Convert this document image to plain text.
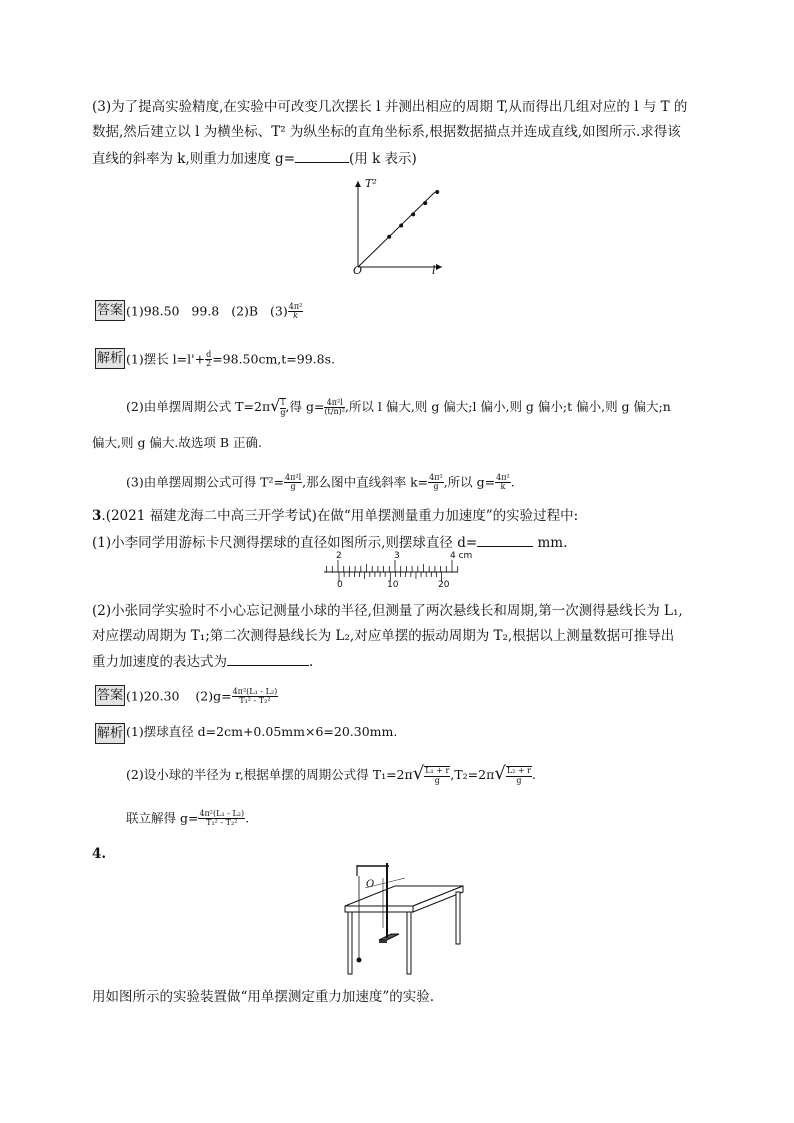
(3)为了提高实验精度,在实验中可改变几次摆长 l 并测出相应的周期 T,从而得出几组对应的 l 与 T 的
数据,然后建立以 l 为横坐标、T² 为纵坐标的直角坐标系,根据数据描点并连成直线,如图所示.求得该
直线的斜率为 k,则重力加速度 g=	(用 k 表示)
T²
l
O
答案 (1)98.50 99.8 (2)B $(3) \frac{\text{4π²}}{k}$
解析 (1)摆长 $l=l'+ \frac{d}{2} =98.50cm,t=99.8s$.
(2)由单摆周期公式 $T=2\pi√ \frac{l}{g}$ ,得 $g= \frac{\text{4π²l}}{\text{(t/n)²}}$ ,所以 l 偏大,则 g 偏大;l 偏小,则 g 偏小;t 偏小,则 g 偏大;n
偏大,则 g 偏大.故选项 B 正确.
(3)由单摆周期公式可得 $T^2= \frac{\text{4π²l}}{g}$ ,那么图中直线斜率 $k= \frac{\text{4π²}}{g}$ ,所以 $g= \frac{\text{4π²}}{k}$ .
3.(2021 福建龙海二中高三开学考试)在做“用单摆测量重力加速度”的实验过程中:
(1)小李同学用游标卡尺测得摆球的直径如图所示,则摆球直径 d=	mm.
2	3	4 cm
0	10	20
(2)小张同学实验时不小心忘记测量小球的半径,但测量了两次悬线长和周期,第一次测得悬线长为 L₁,
对应摆动周期为 T₁;第二次测得悬线长为 L₂,对应单摆的振动周期为 T₂,根据以上测量数据可推导出
重力加速度的表达式为	.
答案 (1)20.30 $(2)g= \frac{\text{4π²(L₁ - L₂)}}{\text{T₁² - T₂²}}$
解析 (1)摆球直径 d=2cm+0.05mm×6=20.30mm.
(2)设小球的半径为 r,根据单摆的周期公式得 $T_1=2\pi√ \frac{\text{L₁ + r}}{g} ,T_2=2\pi√ \frac{\text{L₂ + r}}{g}$ .
联立解得 $g= \frac{\text{4π²(L₁ - L₂)}}{\text{T₁² - T₂²}}$ .
4.
O
用如图所示的实验装置做“用单摆测定重力加速度”的实验.
